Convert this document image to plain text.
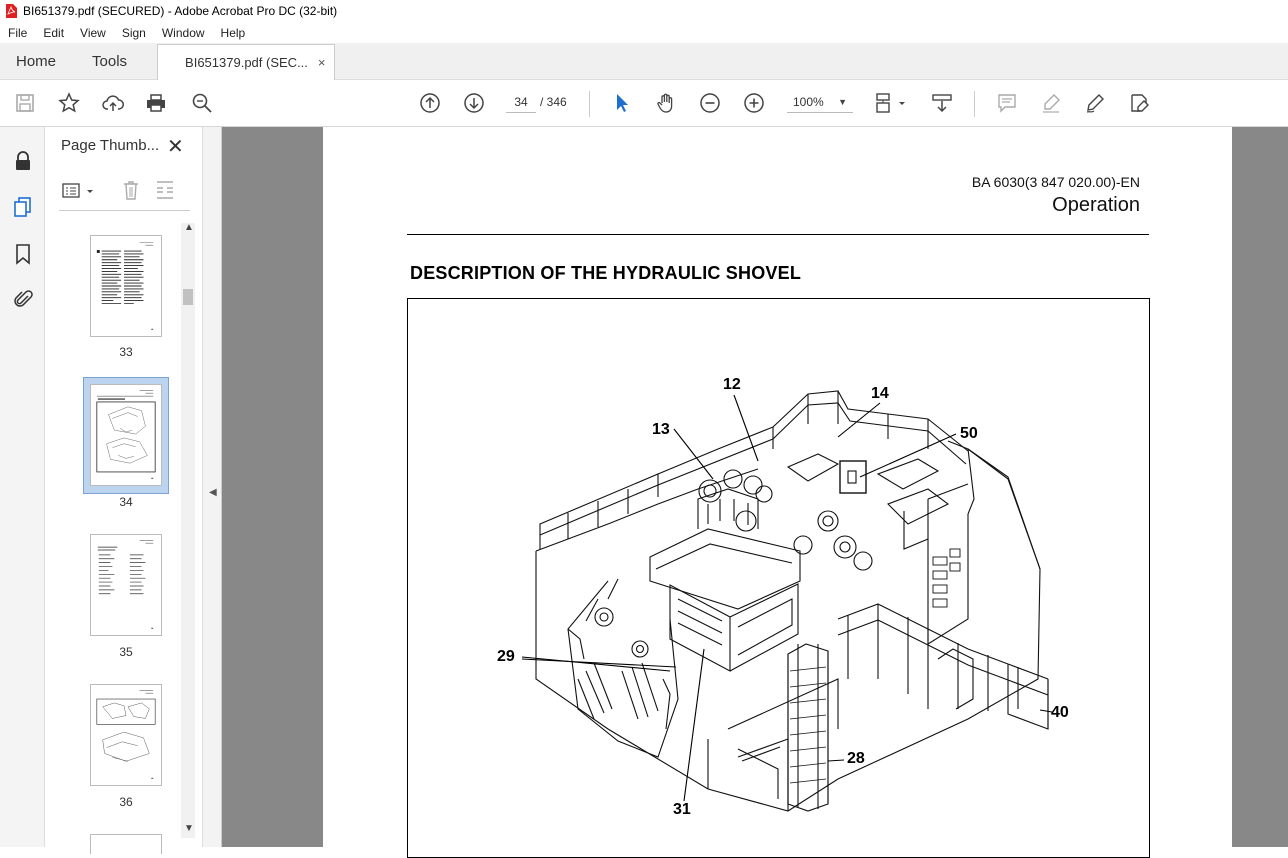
BI651379.pdf (SECURED) - Adobe Acrobat Pro DC (32-bit)
File	Edit	View	Sign	Window	Help
Home	Tools	BI651379.pdf (SEC... ×
34	/ 346	100% ▼
Page Thumb... ✕
33
34
35
36
▲
▼
◀
BA 6030(3 847 020.00)-EN
Operation
DESCRIPTION OF THE HYDRAULIC SHOVEL
12
14
13	50
29
40
28
31
